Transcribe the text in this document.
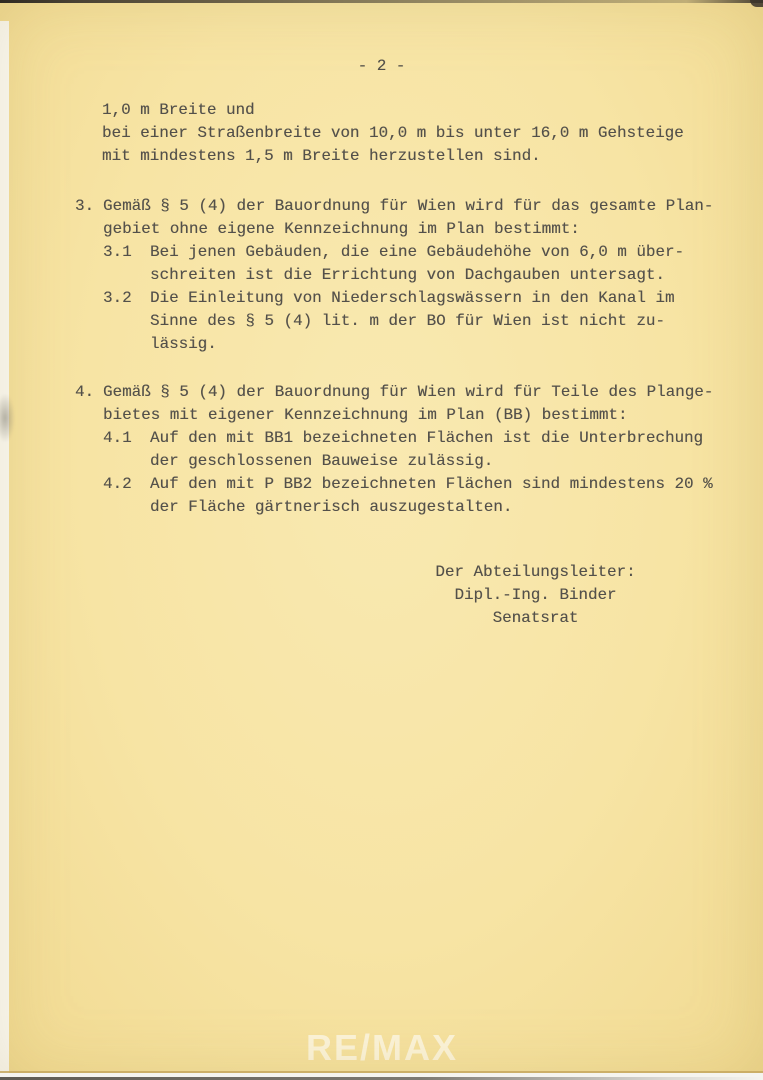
- 2 -
1,0 m Breite und
bei einer Straßenbreite von 10,0 m bis unter 16,0 m Gehsteige
mit mindestens 1,5 m Breite herzustellen sind.
3. Gemäß § 5 (4) der Bauordnung für Wien wird für das gesamte Plan-
gebiet ohne eigene Kennzeichnung im Plan bestimmt:
3.1 Bei jenen Gebäuden, die eine Gebäudehöhe von 6,0 m über-
schreiten ist die Errichtung von Dachgauben untersagt.
3.2 Die Einleitung von Niederschlagswässern in den Kanal im
Sinne des § 5 (4) lit. m der BO für Wien ist nicht zu-
lässig.
4. Gemäß § 5 (4) der Bauordnung für Wien wird für Teile des Plange-
bietes mit eigener Kennzeichnung im Plan (BB) bestimmt:
4.1 Auf den mit BB1 bezeichneten Flächen ist die Unterbrechung
der geschlossenen Bauweise zulässig.
4.2 Auf den mit P BB2 bezeichneten Flächen sind mindestens 20 %
der Fläche gärtnerisch auszugestalten.
Der Abteilungsleiter:
Dipl.-Ing. Binder
Senatsrat
RE/MAX
